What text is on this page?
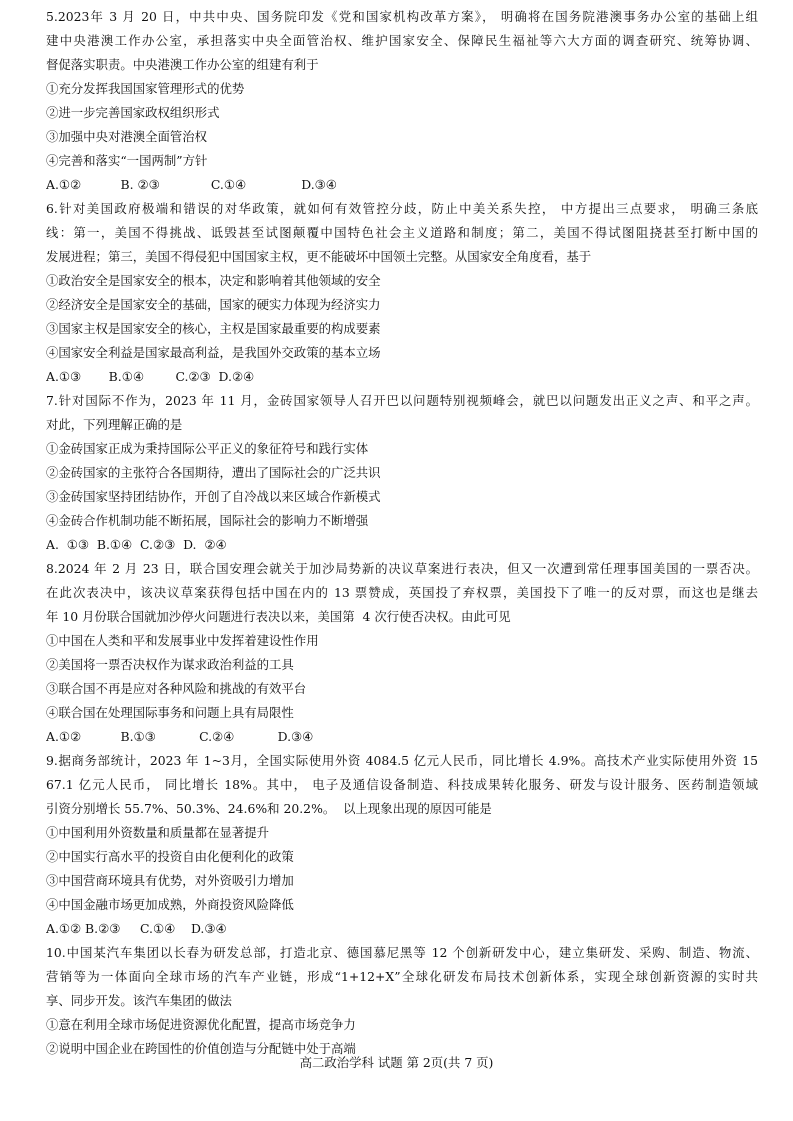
5.2023年 3 月 20 日，中共中央、国务院印发《党和国家机构改革方案》， 明确将在国务院港澳事务办公室的基础上组
建中央港澳工作办公室，承担落实中央全面管治权、维护国家安全、保障民生福祉等六大方面的调查研究、统筹协调、
督促落实职责。中央港澳工作办公室的组建有利于
①充分发挥我国国家管理形式的优势
②进一步完善国家政权组织形式
③加强中央对港澳全面管治权
④完善和落实“一国两制”方针
A.①②          B. ②③             C.①④              D.③④
6.针对美国政府极端和错误的对华政策，就如何有效管控分歧，防止中美关系失控， 中方提出三点要求， 明确三条底
线：第一，美国不得挑战、诋毁甚至试图颠覆中国特色社会主义道路和制度；第二，美国不得试图阻挠甚至打断中国的
发展进程；第三，美国不得侵犯中国国家主权，更不能破坏中国领土完整。从国家安全角度看，基于
①政治安全是国家安全的根本，决定和影响着其他领域的安全
②经济安全是国家安全的基础，国家的硬实力体现为经济实力
③国家主权是国家安全的核心，主权是国家最重要的构成要素
④国家安全利益是国家最高利益，是我国外交政策的基本立场
A.①③       B.①④        C.②③  D.②④
7.针对国际不作为，2023 年 11 月，金砖国家领导人召开巴以问题特别视频峰会，就巴以问题发出正义之声、和平之声。
对此，下列理解正确的是
①金砖国家正成为秉持国际公平正义的象征符号和践行实体
②金砖国家的主张符合各国期待，遭出了国际社会的广泛共识
③金砖国家坚持团结协作，开创了自冷战以来区域合作新模式
④金砖合作机制功能不断拓展，国际社会的影响力不断增强
A.  ①③  B.①④  C.②③  D.  ②④
8.2024 年 2 月 23 日，联合国安理会就关于加沙局势新的决议草案进行表决，但又一次遭到常任理事国美国的一票否决。
在此次表决中，该决议草案获得包括中国在内的 13 票赞成，英国投了弃权票，美国投下了唯一的反对票，而这也是继去
年 10 月份联合国就加沙停火问题进行表决以来，美国第  4 次行使否决权。由此可见
①中国在人类和平和发展事业中发挥着建设性作用
②美国将一票否决权作为谋求政治利益的工具
③联合国不再是应对各种风险和挑战的有效平台
④联合国在处理国际事务和问题上具有局限性
A.①②          B.①③           C.②④           D.③④
9.据商务部统计，2023 年 1~3月，全国实际使用外资 4084.5 亿元人民币，同比增长 4.9%。高技术产业实际使用外资 15
67.1 亿元人民币， 同比增长 18%。其中， 电子及通信设备制造、科技成果转化服务、研发与设计服务、医药制造领域
引资分别增长 55.7%、50.3%、24.6%和 20.2%。  以上现象出现的原因可能是
①中国利用外资数量和质量都在显著提升
②中国实行高水平的投资自由化便利化的政策
③中国营商环境具有优势，对外资吸引力增加
④中国金融市场更加成熟，外商投资风险降低
A.①② B.②③     C.①④    D.③④
10.中国某汽车集团以长春为研发总部，打造北京、德国慕尼黑等 12 个创新研发中心，建立集研发、采购、制造、物流、
营销等为一体面向全球市场的汽车产业链，形成“1+12+X”全球化研发布局技术创新体系，实现全球创新资源的实时共
享、同步开发。该汽车集团的做法
①意在利用全球市场促进资源优化配置，提高市场竞争力
②说明中国企业在跨国性的价值创造与分配链中处于高端
高二政治学科 试题 第 2页(共 7 页)
